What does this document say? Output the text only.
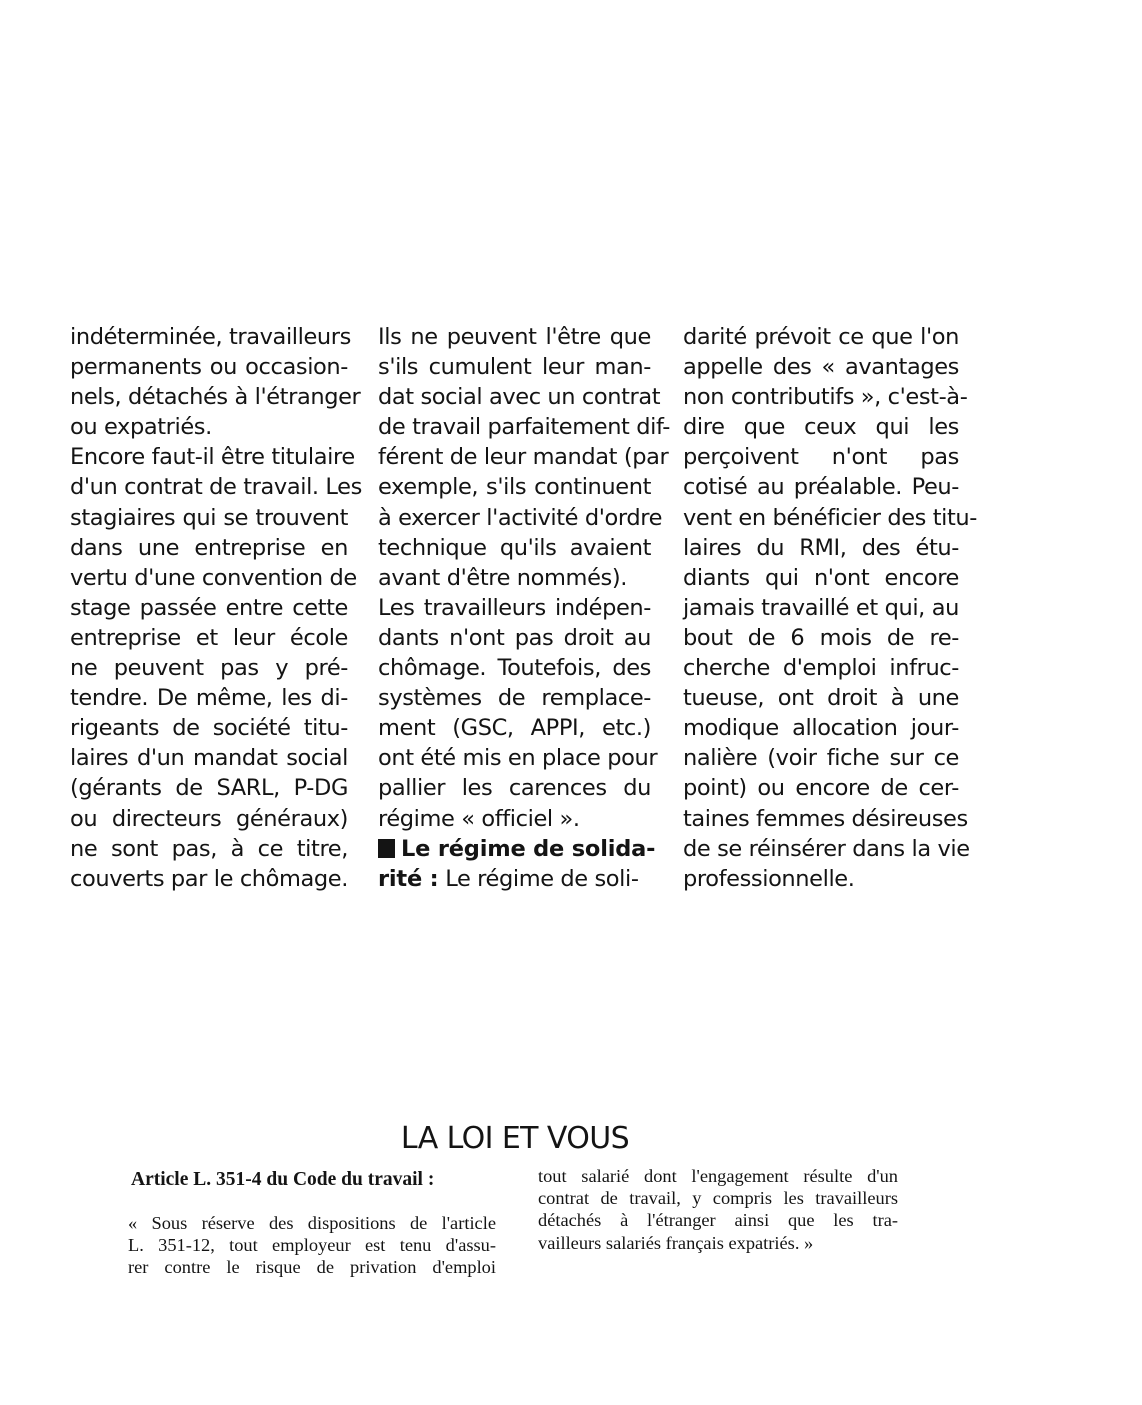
indéterminée, travailleurs
permanents ou occasion-
nels, détachés à l'étranger
ou expatriés.
Encore faut-il être titulaire
d'un contrat de travail. Les
stagiaires qui se trouvent
dans une entreprise en
vertu d'une convention de
stage passée entre cette
entreprise et leur école
ne peuvent pas y pré-
tendre. De même, les di-
rigeants de société titu-
laires d'un mandat social
(gérants de SARL, P-DG
ou directeurs généraux)
ne sont pas, à ce titre,
couverts par le chômage.
Ils ne peuvent l'être que
s'ils cumulent leur man-
dat social avec un contrat
de travail parfaitement dif-
férent de leur mandat (par
exemple, s'ils continuent
à exercer l'activité d'ordre
technique qu'ils avaient
avant d'être nommés).
Les travailleurs indépen-
dants n'ont pas droit au
chômage. Toutefois, des
systèmes de remplace-
ment (GSC, APPI, etc.)
ont été mis en place pour
pallier les carences du
régime « officiel ».
Le régime de solida-
rité : Le régime de soli-
darité prévoit ce que l'on
appelle des « avantages
non contributifs », c'est-à-
dire que ceux qui les
perçoivent n'ont pas
cotisé au préalable. Peu-
vent en bénéficier des titu-
laires du RMI, des étu-
diants qui n'ont encore
jamais travaillé et qui, au
bout de 6 mois de re-
cherche d'emploi infruc-
tueuse, ont droit à une
modique allocation jour-
nalière (voir fiche sur ce
point) ou encore de cer-
taines femmes désireuses
de se réinsérer dans la vie
professionnelle.
LA LOI ET VOUS
Article L. 351-4 du Code du travail :
« Sous réserve des dispositions de l'article
L. 351-12, tout employeur est tenu d'assu-
rer contre le risque de privation d'emploi
tout salarié dont l'engagement résulte d'un
contrat de travail, y compris les travailleurs
détachés à l'étranger ainsi que les tra-
vailleurs salariés français expatriés. »
